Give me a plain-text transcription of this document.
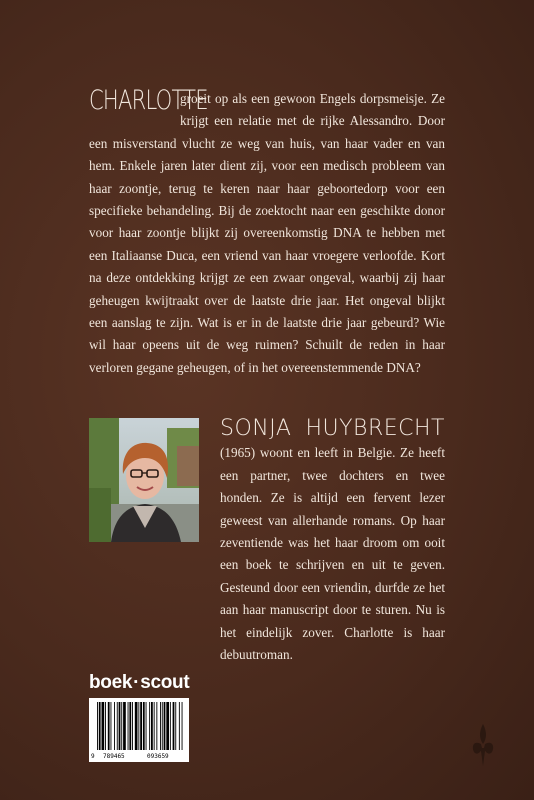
CHARLOTTE
groeit op als een gewoon Engels dorpsmeisje. Ze krijgt een relatie met de rijke Alessandro. Door een misverstand vlucht ze weg van huis, van haar vader en van hem. Enkele jaren later dient zij, voor een medisch probleem van haar zoontje, terug te keren naar haar geboortedorp voor een specifieke behandeling. Bij de zoektocht naar een geschikte donor voor haar zoontje blijkt zij overeenkomstig DNA te hebben met een Italiaanse Duca, een vriend van haar vroegere verloofde. Kort na deze ontdekking krijgt ze een zwaar ongeval, waarbij zij haar geheugen kwijtraakt over de laatste drie jaar. Het ongeval blijkt een aanslag te zijn. Wat is er in de laatste drie jaar gebeurd? Wie wil haar opeens uit de weg ruimen? Schuilt de reden in haar verloren gegane geheugen, of in het overeenstemmende DNA?
SONJA HUYBRECHT (1965) woont en leeft in Belgie. Ze heeft een partner, twee dochters en twee honden. Ze is altijd een fervent lezer geweest van allerhande romans. Op haar zeventiende was het haar droom om ooit een boek te schrijven en uit te geven. Gesteund door een vriendin, durfde ze het aan haar manuscript door te sturen. Nu is het eindelijk zover. Charlotte is haar debuutroman.
boek·scout
9 789465	093659
